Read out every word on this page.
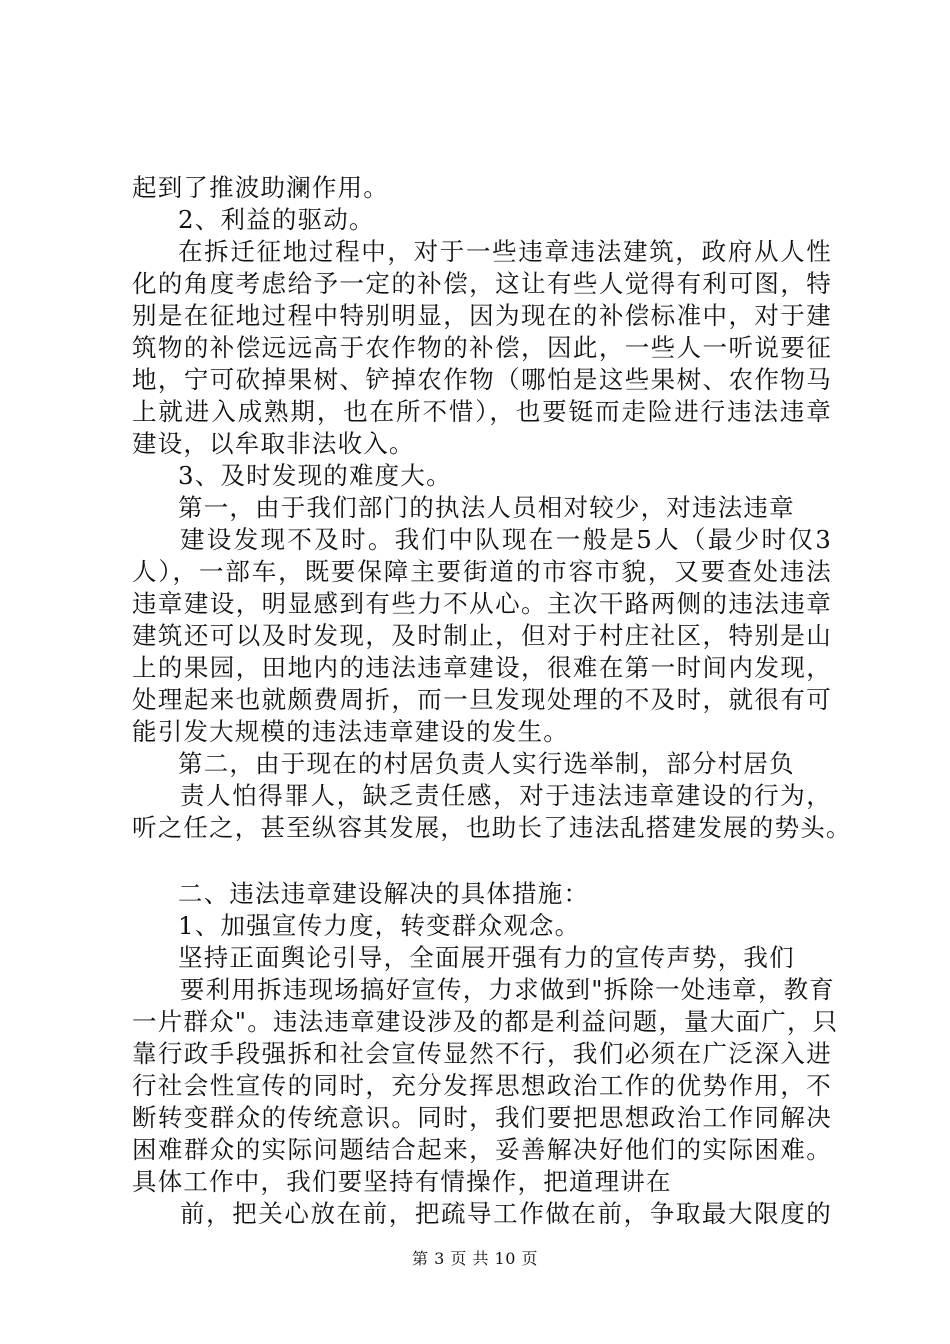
起到了推波助澜作用。
2、利益的驱动。
在拆迁征地过程中，对于一些违章违法建筑，政府从人性
化的角度考虑给予一定的补偿，这让有些人觉得有利可图，特
别是在征地过程中特别明显，因为现在的补偿标准中，对于建
筑物的补偿远远高于农作物的补偿，因此，一些人一听说要征
地，宁可砍掉果树、铲掉农作物（哪怕是这些果树、农作物马
上就进入成熟期，也在所不惜），也要铤而走险进行违法违章
建设，以牟取非法收入。
3、及时发现的难度大。
第一，由于我们部门的执法人员相对较少，对违法违章
建设发现不及时。我们中队现在一般是5人（最少时仅3
人），一部车，既要保障主要街道的市容市貌，又要查处违法
违章建设，明显感到有些力不从心。主次干路两侧的违法违章
建筑还可以及时发现，及时制止，但对于村庄社区，特别是山
上的果园，田地内的违法违章建设，很难在第一时间内发现，
处理起来也就颇费周折，而一旦发现处理的不及时，就很有可
能引发大规模的违法违章建设的发生。
第二，由于现在的村居负责人实行选举制，部分村居负
责人怕得罪人，缺乏责任感，对于违法违章建设的行为，
听之任之，甚至纵容其发展，也助长了违法乱搭建发展的势头。
二、违法违章建设解决的具体措施：
1、加强宣传力度，转变群众观念。
坚持正面舆论引导，全面展开强有力的宣传声势，我们
要利用拆违现场搞好宣传，力求做到"拆除一处违章，教育
一片群众"。违法违章建设涉及的都是利益问题，量大面广，只
靠行政手段强拆和社会宣传显然不行，我们必须在广泛深入进
行社会性宣传的同时，充分发挥思想政治工作的优势作用，不
断转变群众的传统意识。同时，我们要把思想政治工作同解决
困难群众的实际问题结合起来，妥善解决好他们的实际困难。
具体工作中，我们要坚持有情操作，把道理讲在
前，把关心放在前，把疏导工作做在前，争取最大限度的
第 3 页 共 10 页
